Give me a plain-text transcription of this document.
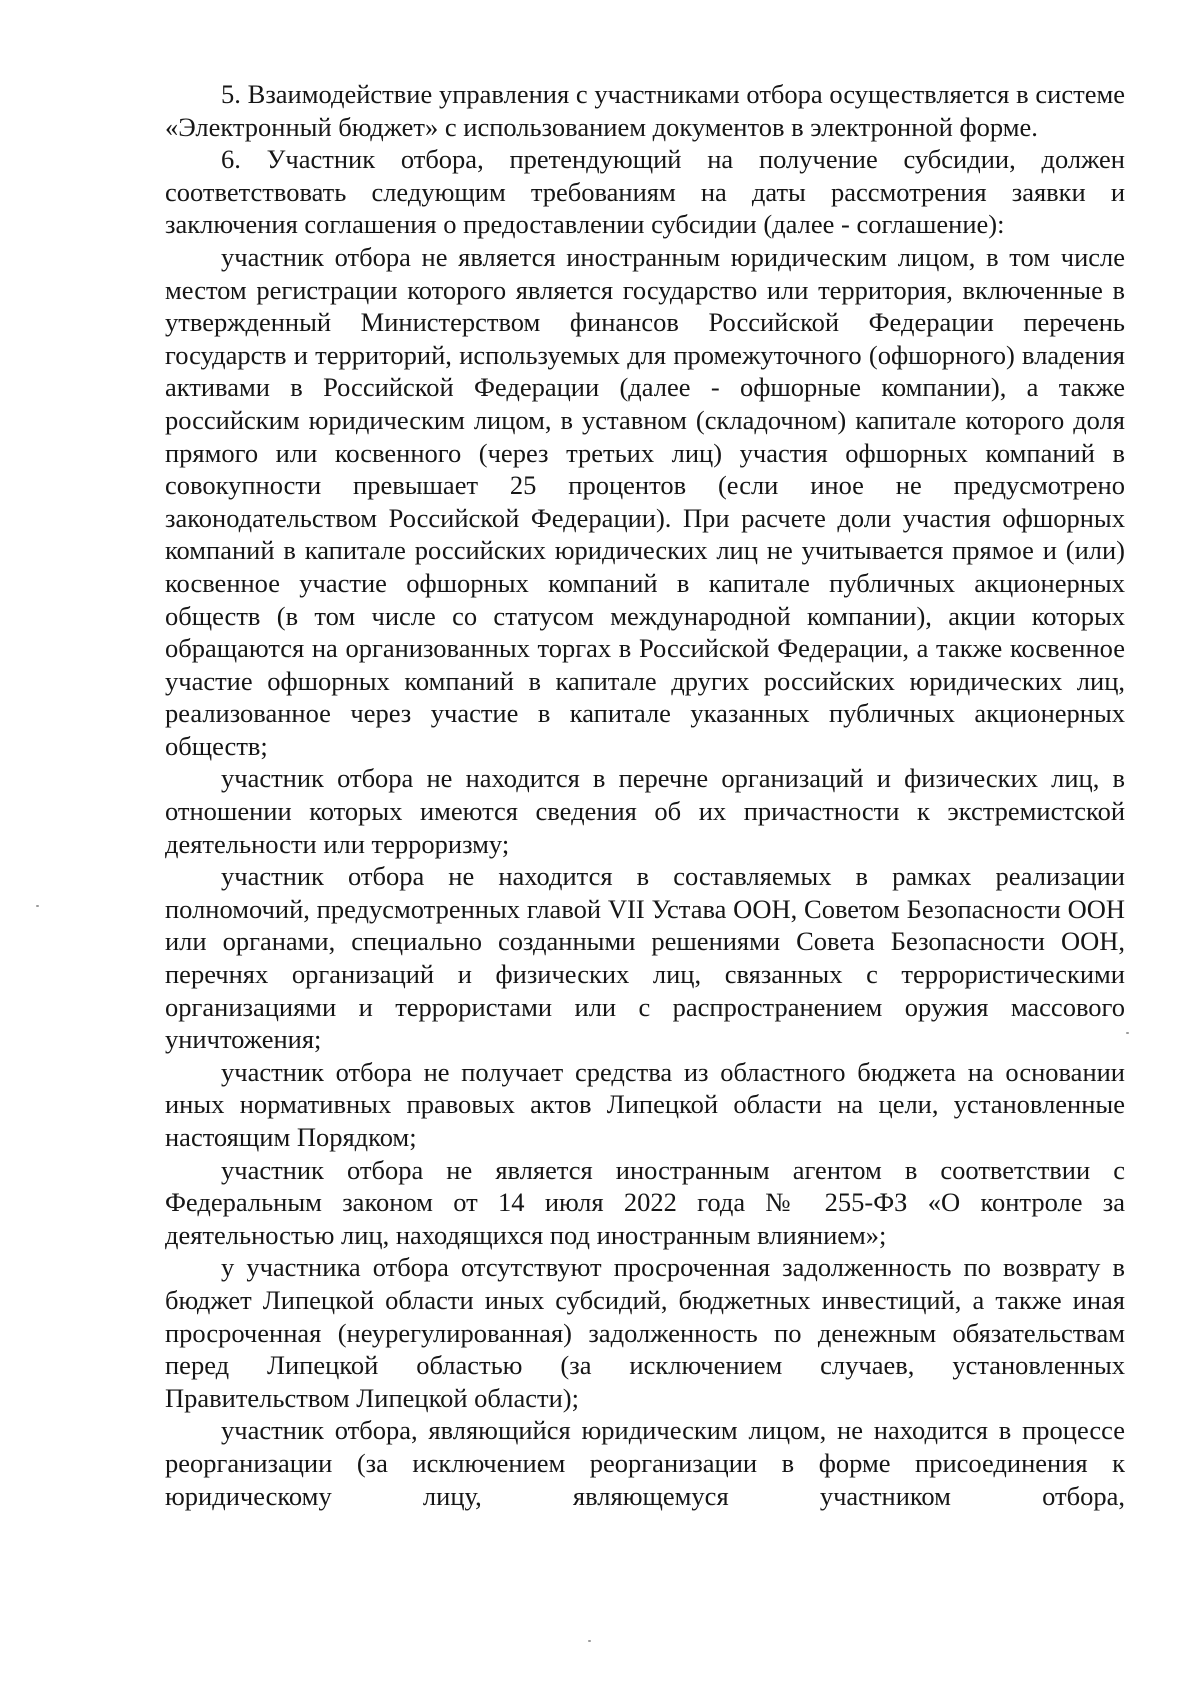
5. Взаимодействие управления с участниками отбора осуществляется в системе «Электронный бюджет» с использованием документов в электронной форме.

6. Участник отбора, претендующий на получение субсидии, должен соответствовать следующим требованиям на даты рассмотрения заявки и заключения соглашения о предоставлении субсидии (далее - соглашение):

участник отбора не является иностранным юридическим лицом, в том числе местом регистрации которого является государство или территория, включенные в утвержденный Министерством финансов Российской Федерации перечень государств и территорий, используемых для промежуточного (офшорного) владения активами в Российской Федерации (далее - офшорные компании), а также российским юридическим лицом, в уставном (складочном) капитале которого доля прямого или косвенного (через третьих лиц) участия офшорных компаний в совокупности превышает 25 процентов (если иное не предусмотрено законодательством Российской Федерации). При расчете доли участия офшорных компаний в капитале российских юридических лиц не учитывается прямое и (или) косвенное участие офшорных компаний в капитале публичных акционерных обществ (в том числе со статусом международной компании), акции которых обращаются на организованных торгах в Российской Федерации, а также косвенное участие офшорных компаний в капитале других российских юридических лиц, реализованное через участие в капитале указанных публичных акционерных обществ;

участник отбора не находится в перечне организаций и физических лиц, в отношении которых имеются сведения об их причастности к экстремистской деятельности или терроризму;

участник отбора не находится в составляемых в рамках реализации полномочий, предусмотренных главой VII Устава ООН, Советом Безопасности ООН или органами, специально созданными решениями Совета Безопасности ООН, перечнях организаций и физических лиц, связанных с террористическими организациями и террористами или с распространением оружия массового уничтожения;

участник отбора не получает средства из областного бюджета на основании иных нормативных правовых актов Липецкой области на цели, установленные настоящим Порядком;

участник отбора не является иностранным агентом в соответствии с Федеральным законом от 14 июля 2022 года № 255-ФЗ «О контроле за деятельностью лиц, находящихся под иностранным влиянием»;

у участника отбора отсутствуют просроченная задолженность по возврату в бюджет Липецкой области иных субсидий, бюджетных инвестиций, а также иная просроченная (неурегулированная) задолженность по денежным обязательствам перед Липецкой областью (за исключением случаев, установленных Правительством Липецкой области);

участник отбора, являющийся юридическим лицом, не находится в процессе реорганизации (за исключением реорганизации в форме присоединения к юридическому лицу, являющемуся участником отбора,
